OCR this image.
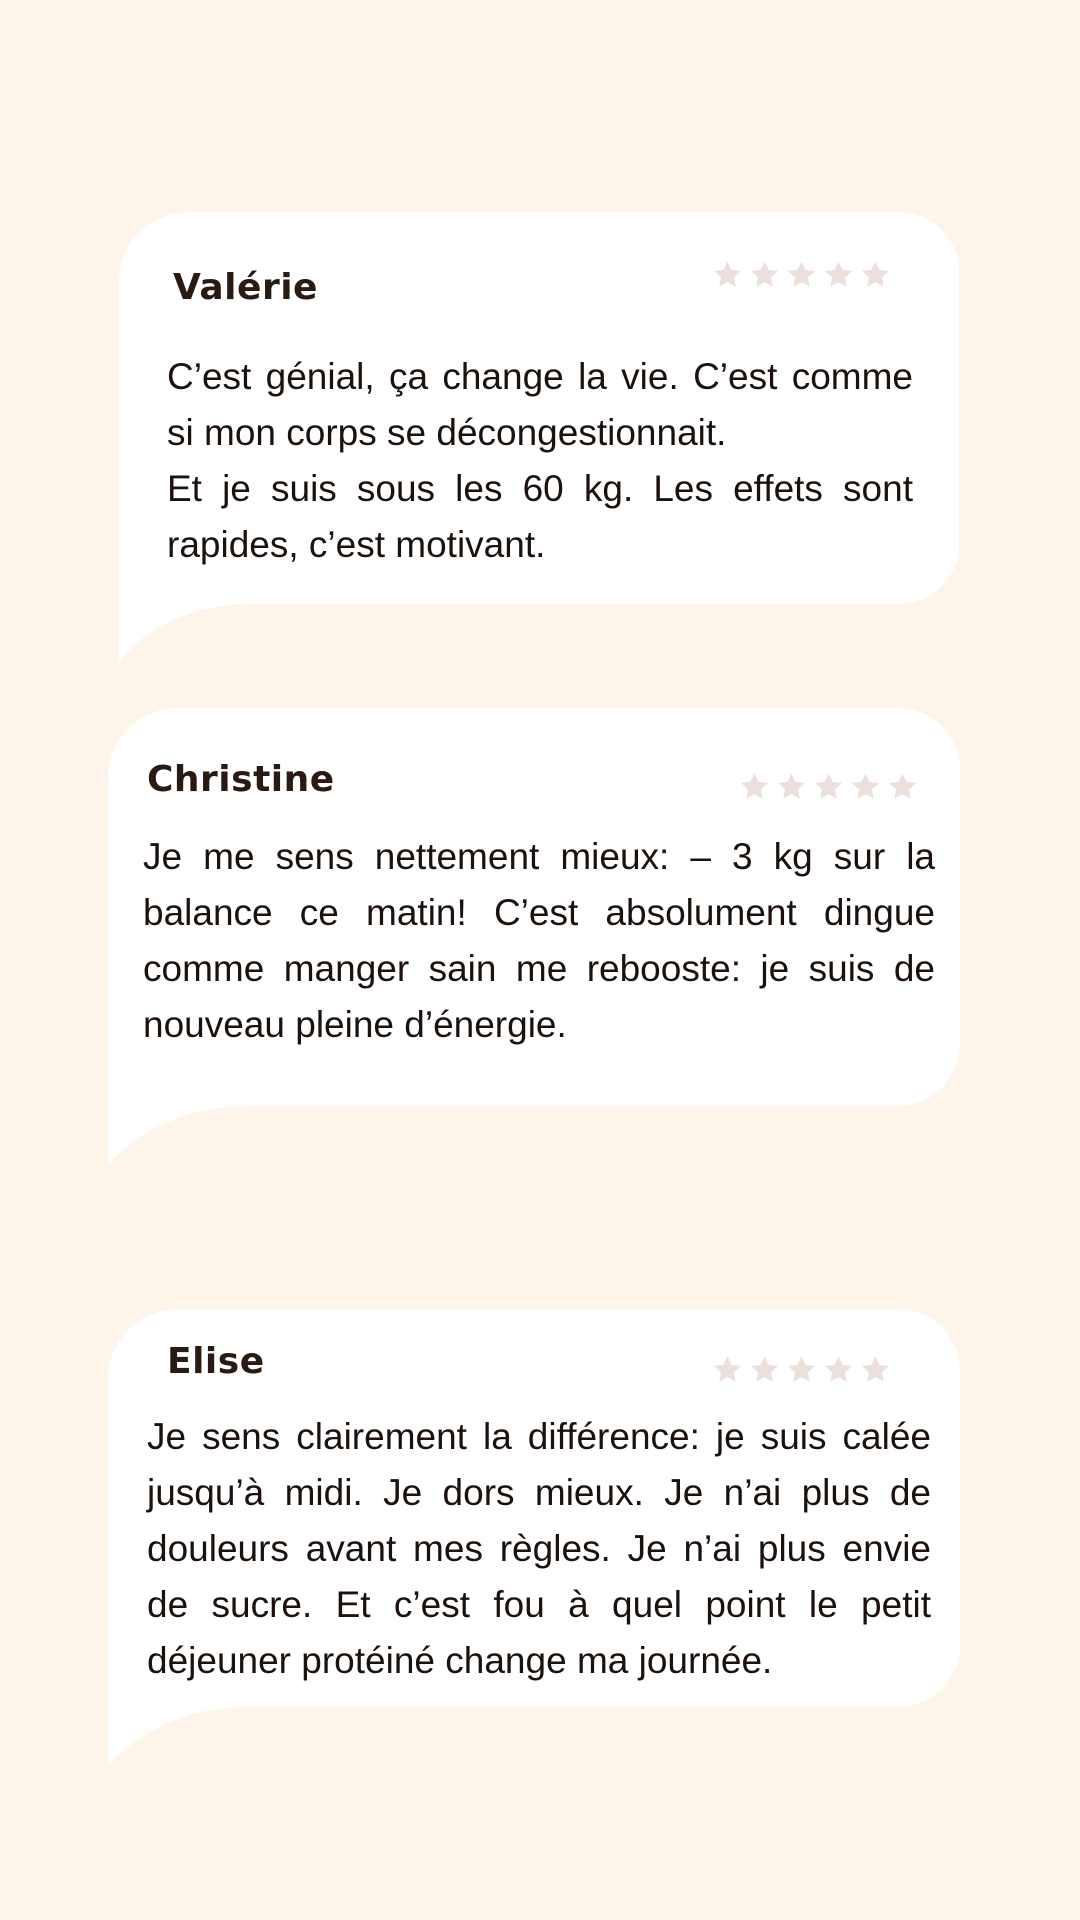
Valérie
C’est génial, ça change la vie. C’est comme si mon corps se décongestionnait.
Et je suis sous les 60 kg. Les effets sont rapides, c’est motivant.
Christine
Je me sens nettement mieux: – 3 kg sur la balance ce matin! C’est absolument dingue comme manger sain me rebooste: je suis de nouveau pleine d’énergie.
Elise
Je sens clairement la différence: je suis calée jusqu’à midi. Je dors mieux. Je n’ai plus de douleurs avant mes règles. Je n’ai plus envie de sucre. Et c’est fou à quel point le petit déjeuner protéiné change ma journée.
